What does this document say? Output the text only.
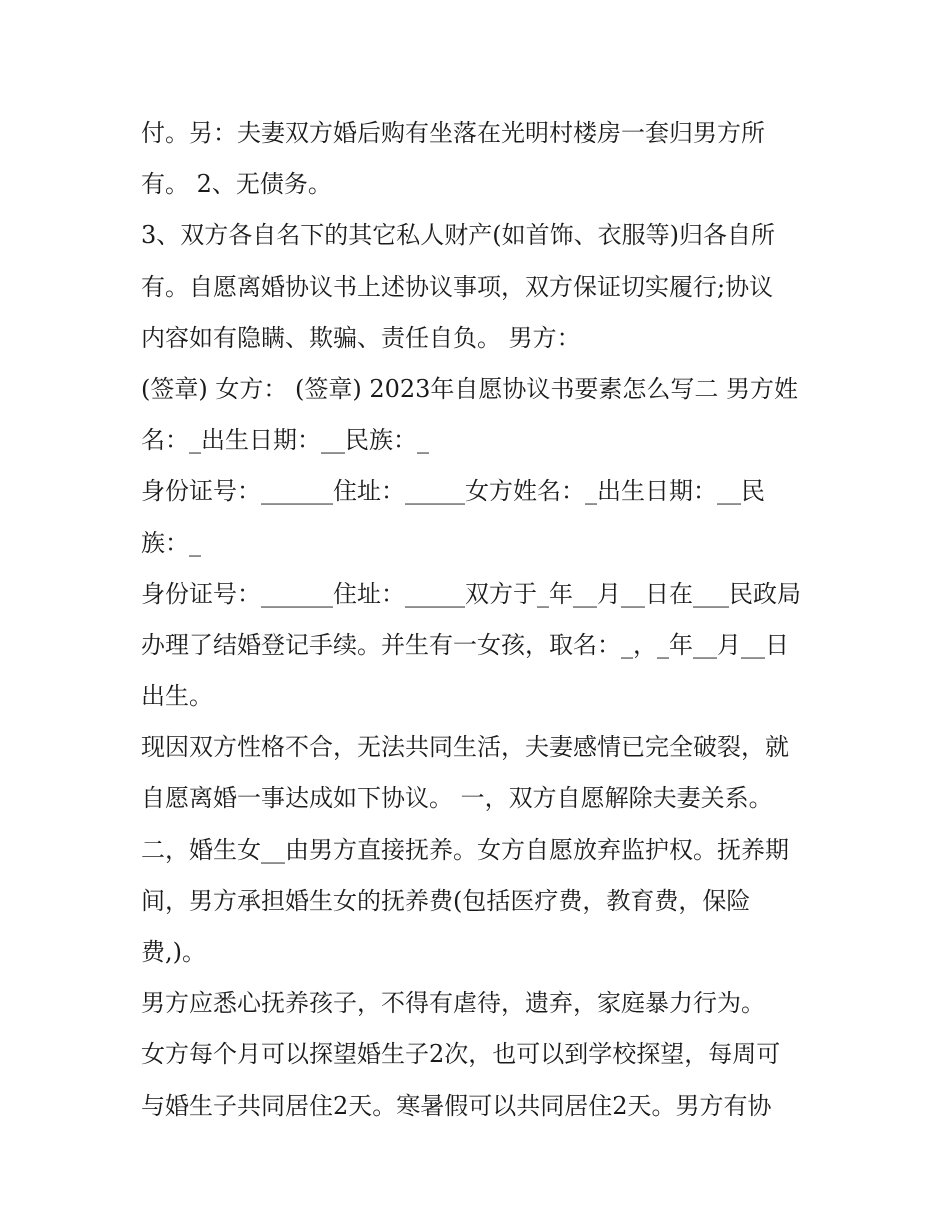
付。另：夫妻双方婚后购有坐落在光明村楼房一套归男方所

有。 2、无债务。

3、双方各自名下的其它私人财产(如首饰、衣服等)归各自所

有。自愿离婚协议书上述协议事项，双方保证切实履行;协议

内容如有隐瞒、欺骗、责任自负。 男方：

(签章) 女方： (签章) 2023年自愿协议书要素怎么写二 男方姓

名：_出生日期：__民族：_

身份证号：______住址：_____女方姓名：_出生日期：__民

族：_

身份证号：______住址：_____双方于_年__月__日在___民政局

办理了结婚登记手续。并生有一女孩，取名：_，_年__月__日

出生。

现因双方性格不合，无法共同生活，夫妻感情已完全破裂，就

自愿离婚一事达成如下协议。 一，双方自愿解除夫妻关系。

二，婚生女__由男方直接抚养。女方自愿放弃监护权。抚养期

间，男方承担婚生女的抚养费(包括医疗费，教育费，保险

费,)。

男方应悉心抚养孩子，不得有虐待，遗弃，家庭暴力行为。

女方每个月可以探望婚生子2次，也可以到学校探望，每周可

与婚生子共同居住2天。寒暑假可以共同居住2天。男方有协
